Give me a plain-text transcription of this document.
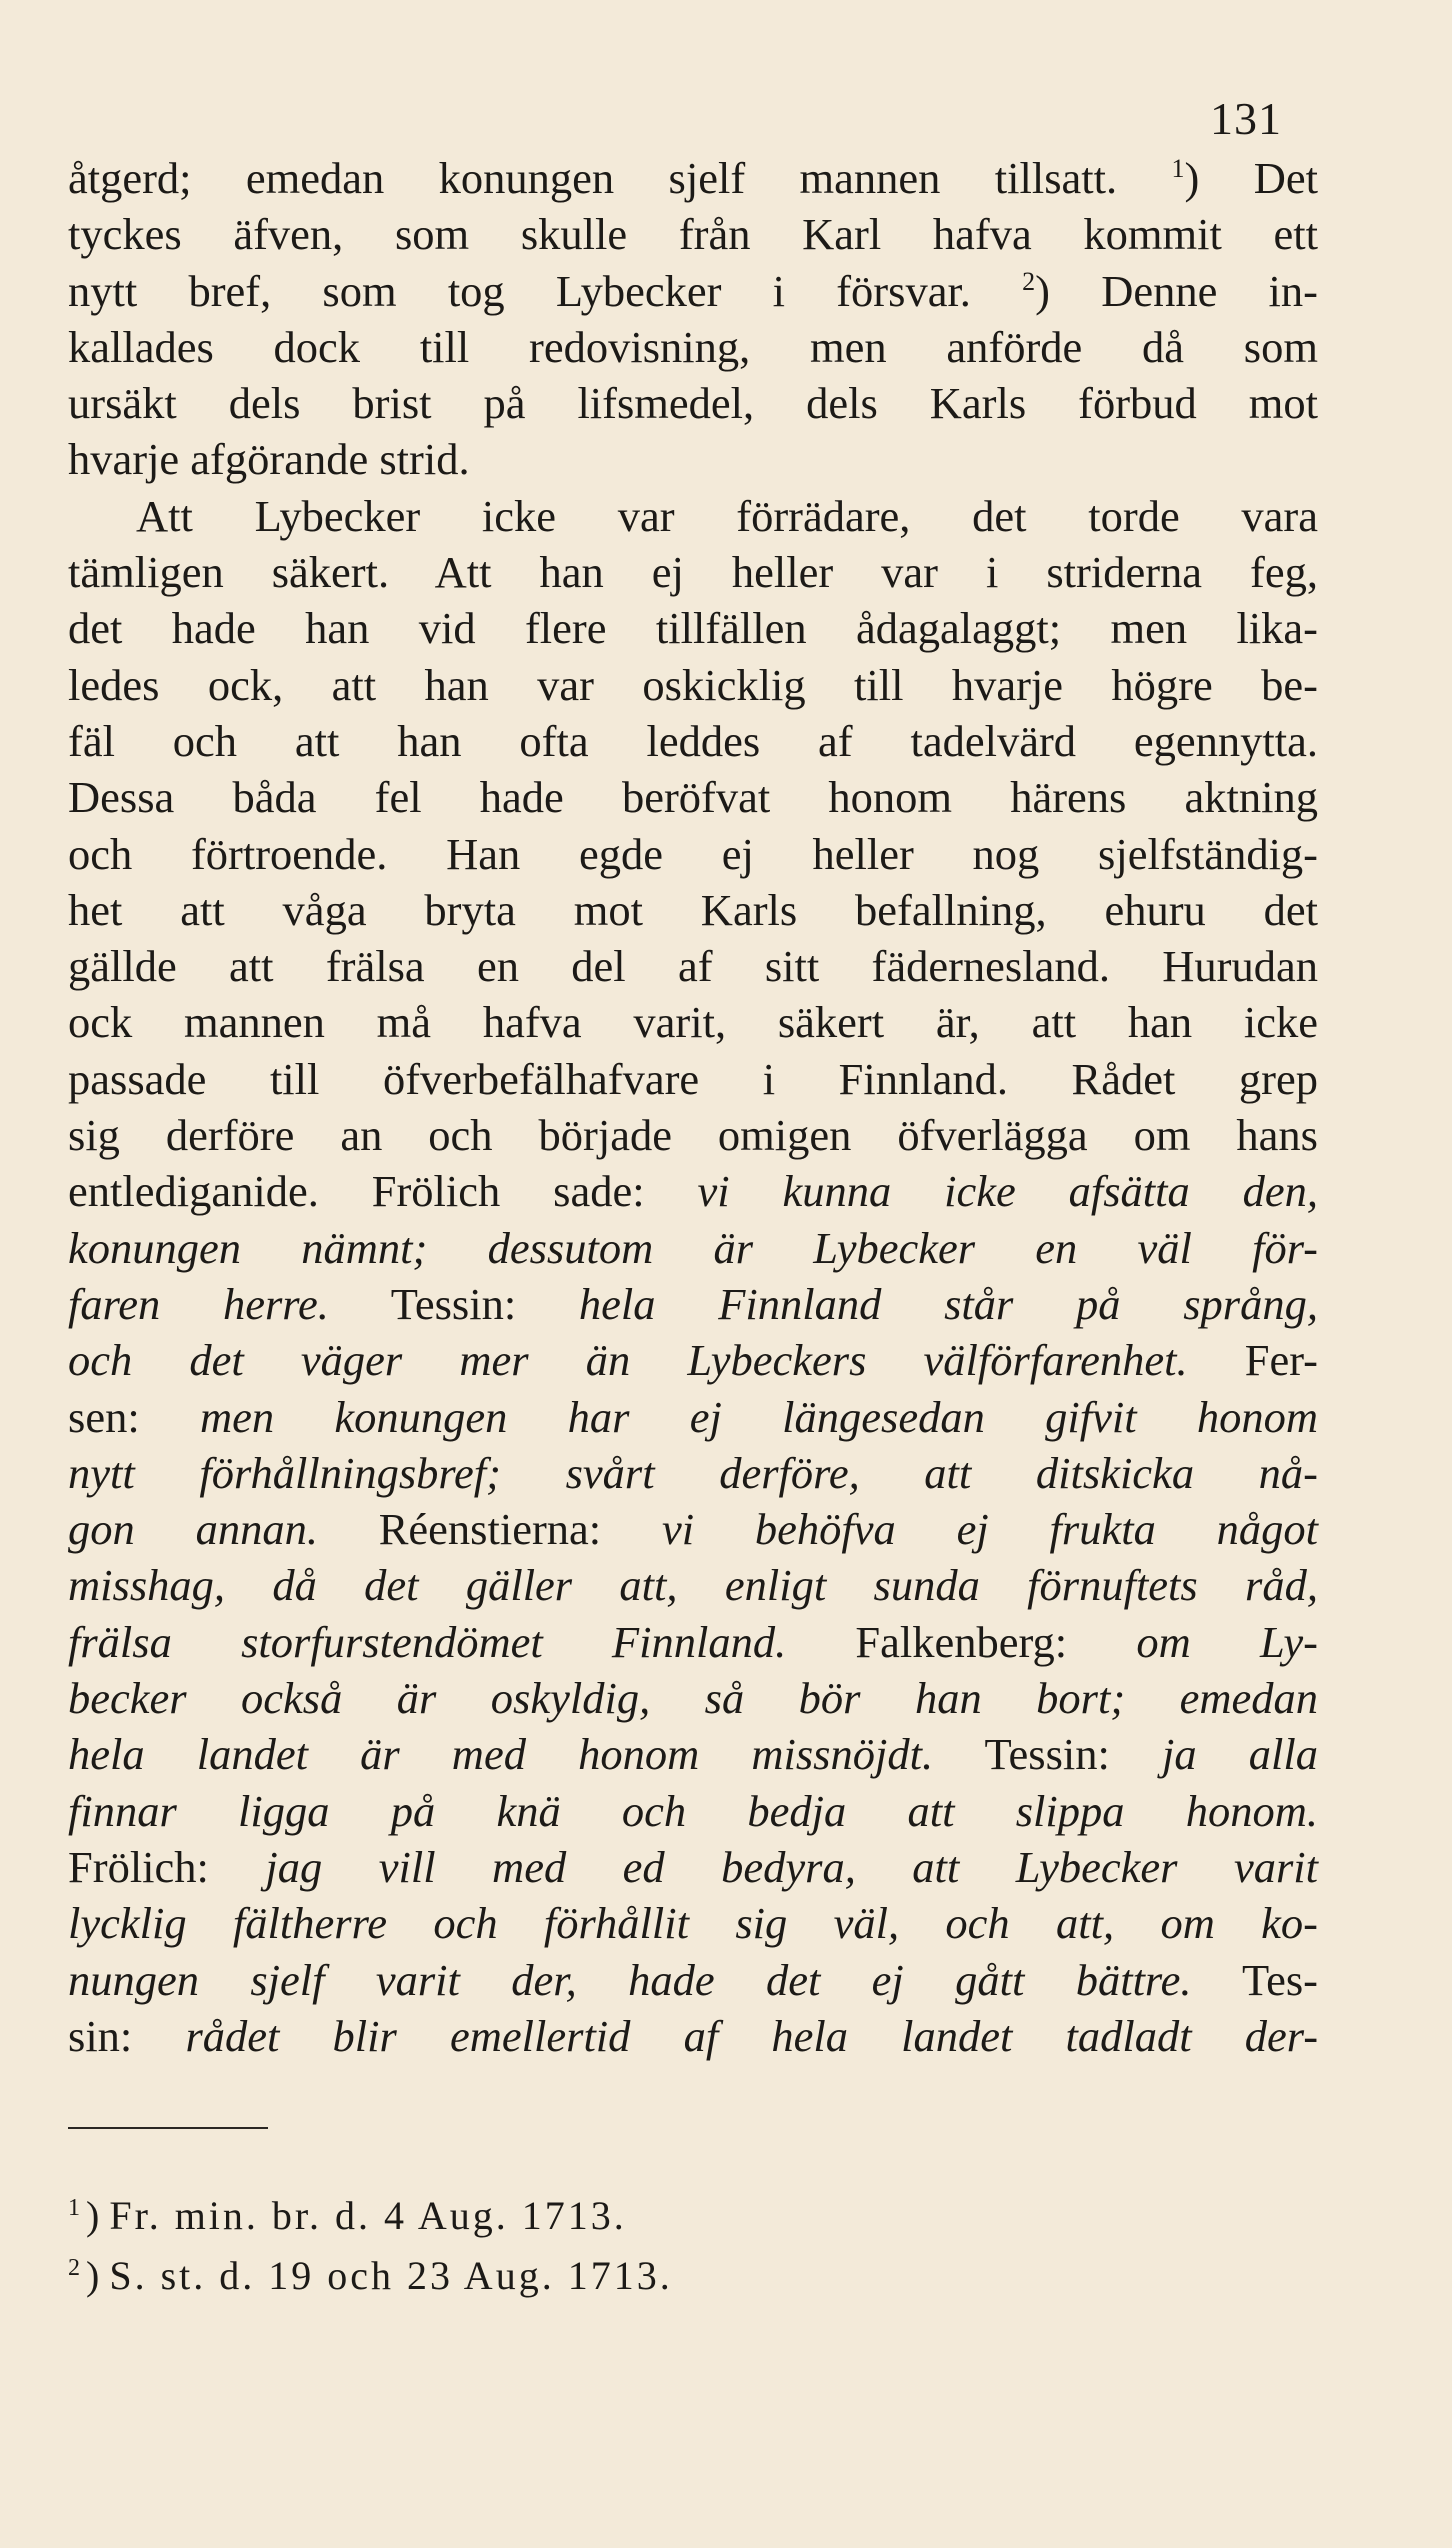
131
åtgerd; emedan konungen sjelf mannen tillsatt. $^1$) Det
tyckes äfven, som skulle från Karl hafva kommit ett
nytt bref, som tog Lybecker i försvar. $^2$) Denne in-
kallades dock till redovisning, men anförde då som
ursäkt dels brist på lifsmedel, dels Karls förbud mot
hvarje afgörande strid.
Att Lybecker icke var förrädare, det torde vara
tämligen säkert. Att han ej heller var i striderna feg,
det hade han vid flere tillfällen ådagalaggt; men lika-
ledes ock, att han var oskicklig till hvarje högre be-
fäl och att han ofta leddes af tadelvärd egennytta.
Dessa båda fel hade beröfvat honom härens aktning
och förtroende. Han egde ej heller nog sjelfständig-
het att våga bryta mot Karls befallning, ehuru det
gällde att frälsa en del af sitt fädernesland. Hurudan
ock mannen må hafva varit, säkert är, att han icke
passade till öfverbefälhafvare i Finnland. Rådet grep
sig derföre an och började omigen öfverlägga om hans
entlediganide. Frölich sade: vi kunna icke afsätta den,
konungen nämnt; dessutom är Lybecker en väl för-
faren herre. Tessin: hela Finnland står på språng,
och det väger mer än Lybeckers välförfarenhet. Fer-
sen: men konungen har ej längesedan gifvit honom
nytt förhållningsbref; svårt derföre, att ditskicka nå-
gon annan. Réenstierna: vi behöfva ej frukta något
misshag, då det gäller att, enligt sunda förnuftets råd,
frälsa storfurstendömet Finnland. Falkenberg: om Ly-
becker också är oskyldig, så bör han bort; emedan
hela landet är med honom missnöjdt. Tessin: ja alla
finnar ligga på knä och bedja att slippa honom.
Frölich: jag vill med ed bedyra, att Lybecker varit
lycklig fältherre och förhållit sig väl, och att, om ko-
nungen sjelf varit der, hade det ej gått bättre. Tes-
sin: rådet blir emellertid af hela landet tadladt der-
$^1$ ) Fr. min. br. d. 4 Aug. 1713.
$^2$ ) S. st. d. 19 och 23 Aug. 1713.
